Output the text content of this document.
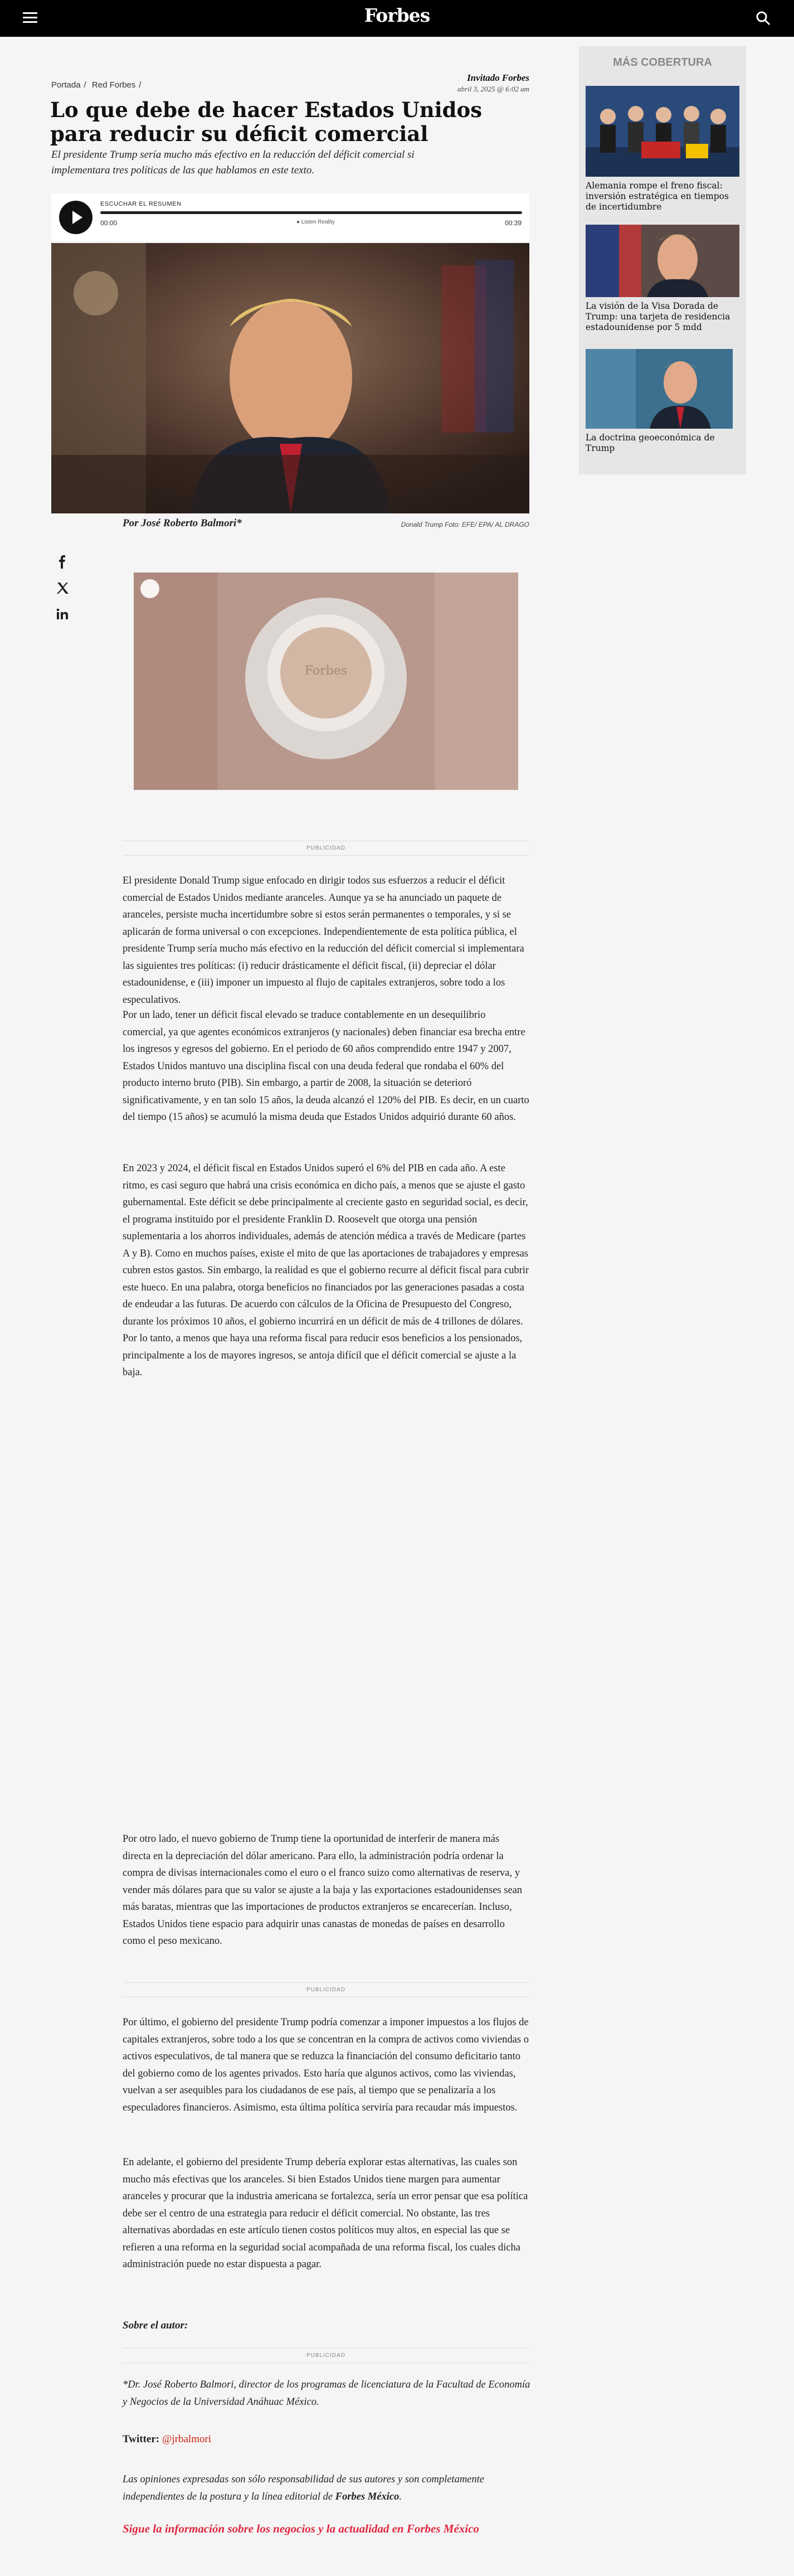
Forbes
Portada / Red Forbes /
Invitado Forbes
abril 3, 2025 @ 6:02 am
Lo que debe de hacer Estados Unidos para reducir su déficit comercial
El presidente Trump sería mucho más efectivo en la reducción del déficit comercial si implementara tres políticas de las que hablamos en este texto.
ESCUCHAR EL RESUMEN
00:00	● Listen Reality	00:39
Donald Trump Foto: EFE/ EPA/ AL DRAGO
Por José Roberto Balmori*
Forbes
PUBLICIDAD

El presidente Donald Trump sigue enfocado en dirigir todos sus esfuerzos a reducir el déficit comercial de Estados Unidos mediante aranceles. Aunque ya se ha anunciado un paquete de aranceles, persiste mucha incertidumbre sobre si estos serán permanentes o temporales, y si se aplicarán de forma universal o con excepciones. Independientemente de esta política pública, el presidente Trump sería mucho más efectivo en la reducción del déficit comercial si implementara las siguientes tres políticas: (i) reducir drásticamente el déficit fiscal, (ii) depreciar el dólar estadounidense, e (iii) imponer un impuesto al flujo de capitales extranjeros, sobre todo a los especulativos.

Por un lado, tener un déficit fiscal elevado se traduce contablemente en un desequilibrio comercial, ya que agentes económicos extranjeros (y nacionales) deben financiar esa brecha entre los ingresos y egresos del gobierno. En el periodo de 60 años comprendido entre 1947 y 2007, Estados Unidos mantuvo una disciplina fiscal con una deuda federal que rondaba el 60% del producto interno bruto (PIB). Sin embargo, a partir de 2008, la situación se deterioró significativamente, y en tan solo 15 años, la deuda alcanzó el 120% del PIB. Es decir, en un cuarto del tiempo (15 años) se acumuló la misma deuda que Estados Unidos adquirió durante 60 años.

En 2023 y 2024, el déficit fiscal en Estados Unidos superó el 6% del PIB en cada año. A este ritmo, es casi seguro que habrá una crisis económica en dicho país, a menos que se ajuste el gasto gubernamental. Este déficit se debe principalmente al creciente gasto en seguridad social, es decir, el programa instituido por el presidente Franklin D. Roosevelt que otorga una pensión suplementaria a los ahorros individuales, además de atención médica a través de Medicare (partes A y B). Como en muchos países, existe el mito de que las aportaciones de trabajadores y empresas cubren estos gastos. Sin embargo, la realidad es que el gobierno recurre al déficit fiscal para cubrir este hueco. En una palabra, otorga beneficios no financiados por las generaciones pasadas a costa de endeudar a las futuras. De acuerdo con cálculos de la Oficina de Presupuesto del Congreso, durante los próximos 10 años, el gobierno incurrirá en un déficit de más de 4 trillones de dólares. Por lo tanto, a menos que haya una reforma fiscal para reducir esos beneficios a los pensionados, principalmente a los de mayores ingresos, se antoja difícil que el déficit comercial se ajuste a la baja.

Por otro lado, el nuevo gobierno de Trump tiene la oportunidad de interferir de manera más directa en la depreciación del dólar americano. Para ello, la administración podría ordenar la compra de divisas internacionales como el euro o el franco suizo como alternativas de reserva, y vender más dólares para que su valor se ajuste a la baja y las exportaciones estadounidenses sean más baratas, mientras que las importaciones de productos extranjeros se encarecerían. Incluso, Estados Unidos tiene espacio para adquirir unas canastas de monedas de países en desarrollo como el peso mexicano.

PUBLICIDAD

Por último, el gobierno del presidente Trump podría comenzar a imponer impuestos a los flujos de capitales extranjeros, sobre todo a los que se concentran en la compra de activos como viviendas o activos especulativos, de tal manera que se reduzca la financiación del consumo deficitario tanto del gobierno como de los agentes privados. Esto haría que algunos activos, como las viviendas, vuelvan a ser asequibles para los ciudadanos de ese país, al tiempo que se penalizaría a los especuladores financieros. Asimismo, esta última política serviría para recaudar más impuestos.

En adelante, el gobierno del presidente Trump debería explorar estas alternativas, las cuales son mucho más efectivas que los aranceles. Si bien Estados Unidos tiene margen para aumentar aranceles y procurar que la industria americana se fortalezca, sería un error pensar que esa política debe ser el centro de una estrategia para reducir el déficit comercial. No obstante, las tres alternativas abordadas en este artículo tienen costos políticos muy altos, en especial las que se refieren a una reforma en la seguridad social acompañada de una reforma fiscal, los cuales dicha administración puede no estar dispuesta a pagar.

Sobre el autor:
PUBLICIDAD
*Dr. José Roberto Balmori, director de los programas de licenciatura de la Facultad de Economía y Negocios de la Universidad Anáhuac México.
Twitter: @jrbalmori
Las opiniones expresadas son sólo responsabilidad de sus autores y son completamente independientes de la postura y la línea editorial de Forbes México.
Sigue la información sobre los negocios y la actualidad en Forbes México
MÁS COBERTURA
Alemania rompe el freno fiscal: inversión estratégica en tiempos de incertidumbre
La visión de la Visa Dorada de Trump: una tarjeta de residencia estadounidense por 5 mdd
La doctrina geoeconómica de Trump
